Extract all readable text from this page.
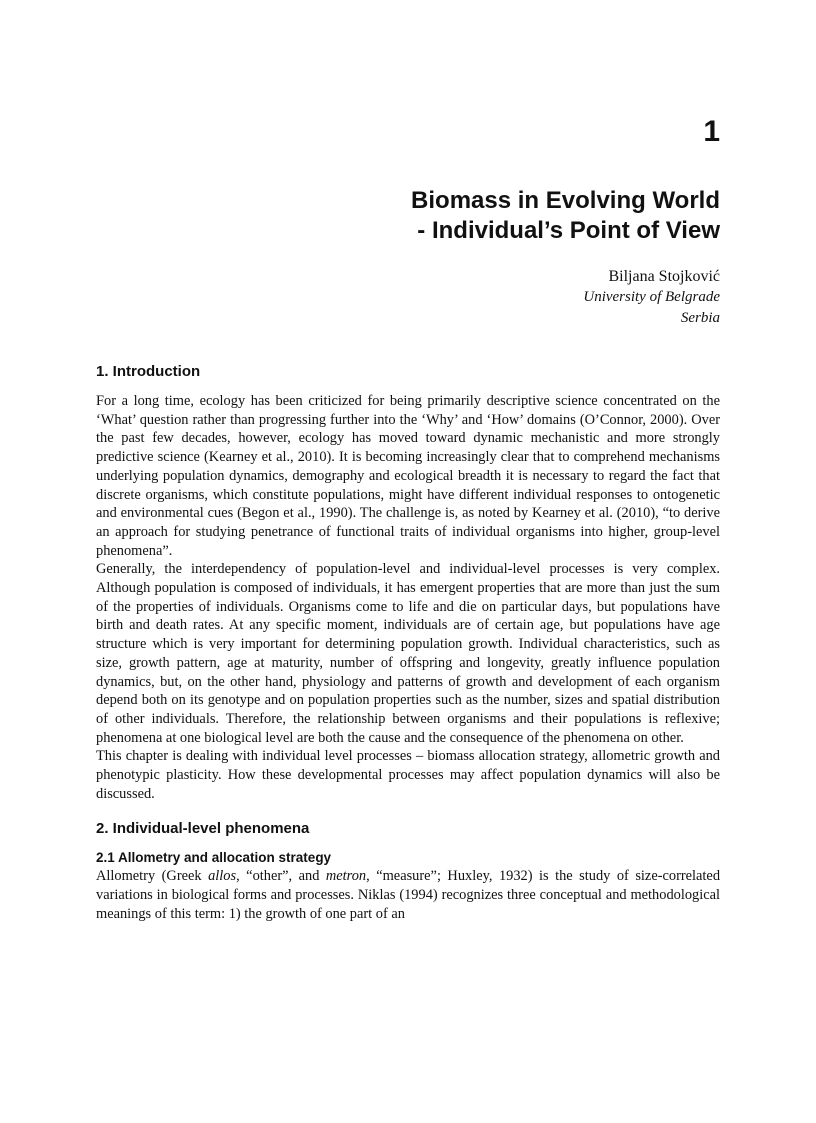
1
Biomass in Evolving World
- Individual’s Point of View
Biljana Stojković
University of Belgrade
Serbia
1. Introduction

For a long time, ecology has been criticized for being primarily descriptive science concentrated on the ‘What’ question rather than progressing further into the ‘Why’ and ‘How’ domains (O’Connor, 2000). Over the past few decades, however, ecology has moved toward dynamic mechanistic and more strongly predictive science (Kearney et al., 2010). It is becoming increasingly clear that to comprehend mechanisms underlying population dynamics, demography and ecological breadth it is necessary to regard the fact that discrete organisms, which constitute populations, might have different individual responses to ontogenetic and environmental cues (Begon et al., 1990). The challenge is, as noted by Kearney et al. (2010), “to derive an approach for studying penetrance of functional traits of individual organisms into higher, group-level phenomena”.

Generally, the interdependency of population-level and individual-level processes is very complex. Although population is composed of individuals, it has emergent properties that are more than just the sum of the properties of individuals. Organisms come to life and die on particular days, but populations have birth and death rates. At any specific moment, individuals are of certain age, but populations have age structure which is very important for determining population growth. Individual characteristics, such as size, growth pattern, age at maturity, number of offspring and longevity, greatly influence population dynamics, but, on the other hand, physiology and patterns of growth and development of each organism depend both on its genotype and on population properties such as the number, sizes and spatial distribution of other individuals. Therefore, the relationship between organisms and their populations is reflexive; phenomena at one biological level are both the cause and the consequence of the phenomena on other.

This chapter is dealing with individual level processes – biomass allocation strategy, allometric growth and phenotypic plasticity. How these developmental processes may affect population dynamics will also be discussed.

2. Individual-level phenomena
2.1 Allometry and allocation strategy

Allometry (Greek allos, “other”, and metron, “measure”; Huxley, 1932) is the study of size-correlated variations in biological forms and processes. Niklas (1994) recognizes three conceptual and methodological meanings of this term: 1) the growth of one part of an
